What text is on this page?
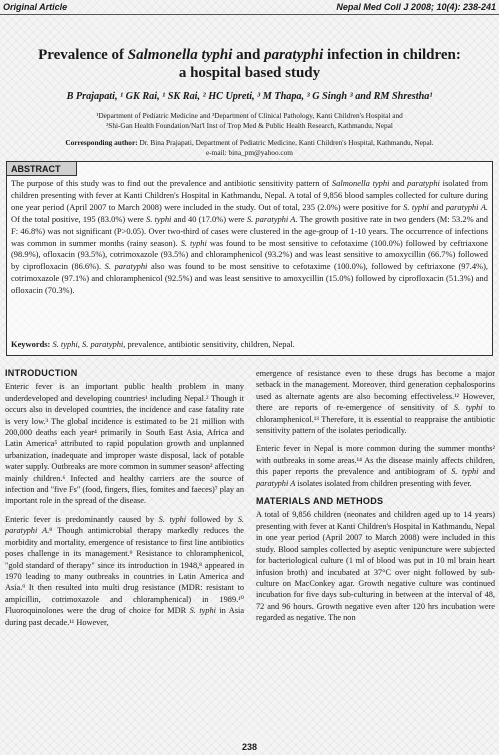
Original Article	Nepal Med Coll J 2008; 10(4): 238-241
Prevalence of Salmonella typhi and paratyphi infection in children:
a hospital based study
B Prajapati, ¹ GK Rai, ¹ SK Rai, ² HC Upreti, ³ M Thapa, ³ G Singh ³ and RM Shrestha¹
¹Department of Pediatric Medicine and ³Department of Clinical Pathology, Kanti Children's Hospital and
²Shi-Gan Health Foundation/Nat'l Inst of Trop Med & Public Health Research, Kathmandu, Nepal
Corresponding author: Dr. Bina Prajapati, Department of Pediatric Medicine, Kanti Children's Hospital, Kathmandu, Nepal.
e-mail: bina_pm@yahoo.com
ABSTRACT
The purpose of this study was to find out the prevalence and antibiotic sensitivity pattern of Salmonella typhi and paratyphi isolated from children presenting with fever at Kanti Children's Hospital in Kathmandu, Nepal. A total of 9,856 blood samples collected for culture during one year period (April 2007 to March 2008) were included in the study. Out of total, 235 (2.0%) were positive for S. typhi and paratyphi A. Of the total positive, 195 (83.0%) were S. typhi and 40 (17.0%) were S. paratyphi A. The growth positive rate in two genders (M: 53.2% and F: 46.8%) was not significant (P>0.05). Over two-third of cases were clustered in the age-group of 1-10 years. The occurrence of infections was common in summer months (rainy season). S. typhi was found to be most sensitive to cefotaxime (100.0%) followed by ceftriaxone (98.9%), ofloxacin (93.5%), cotrimoxazole (93.5%) and chloramphenicol (93.2%) and was least sensitive to amoxycillin (66.7%) followed by ciprofloxacin (86.6%). S. paratyphi also was found to be most sensitive to cefotaxime (100.0%), followed by ceftriaxone (97.4%), cotrimoxazole (97.1%) and chloramphenicol (92.5%) and was least sensitive to amoxycillin (15.0%) followed by ciprofloxacin (51.3%) and ofloxacin (70.3%).
Keywords: S. typhi, S. paratyphi, prevalence, antibiotic sensitivity, children, Nepal.
INTRODUCTION

Enteric fever is an important public health problem in many underdeveloped and developing countries¹ including Nepal.² Though it occurs also in developed countries, the incidence and case fatality rate is very low.³ The global incidence is estimated to be 21 million with 200,000 deaths each year⁴ primarily in South East Asia, Africa and Latin America⁵ attributed to rapid population growth and unplanned urbanization, inadequate and improper waste disposal, lack of potable water supply. Outbreaks are more common in summer season² affecting mainly children.⁶ Infected and healthy carriers are the source of infection and "five Fs" (food, fingers, flies, fomites and faeces)⁷ play an important role in the spread of the disease.

Enteric fever is predominantly caused by S. typhi followed by S. paratyphi A.⁸ Though antimicrobial therapy markedly reduces the morbidity and mortality, emergence of resistance to first line antibiotics poses challenge in its management.⁹ Resistance to chloramphenicol, "gold standard of therapy" since its introduction in 1948,⁸ appeared in 1970 leading to many outbreaks in countries in Latin America and Asia.⁹ It then resulted into multi drug resistance (MDR: resistant to ampicillin, cotrimoxazole and chloramphenical) in 1989.¹⁰ Fluoroquinolones were the drug of choice for MDR S. typhi in Asia during past decade.¹¹ However,

emergence of resistance even to these drugs has become a major setback in the management. Moreover, third generation cephalosporins used as alternate agents are also becoming effectiveless.¹² However, there are reports of re-emergence of sensitivity of S. typhi to chloramphenicol.¹³ Therefore, it is essential to reappraise the antibiotic sensitivity pattern of the isolates periodically.

Enteric fever in Nepal is more common during the summer months² with outbreaks in some areas.¹⁴ As the disease mainly affects children, this paper reports the prevalence and antibiogram of S. typhi and paratyphi A isolates isolated from children presenting with fever.

MATERIALS AND METHODS

A total of 9,856 children (neonates and children aged up to 14 years) presenting with fever at Kanti Children's Hospital in Kathmandu, Nepal in one year period (April 2007 to March 2008) were included in this study. Blood samples collected by aseptic venipuncture were subjected for bacteriological culture (1 ml of blood was put in 10 ml brain heart infusion broth) and incubated at 37°C over night followed by sub-culture on MacConkey agar. Growth negative culture was continued incubation for five days sub-culturing in between at the interval of 48, 72 and 96 hours. Growth negative even after 120 hrs incubation were regarded as negative. The non

238
